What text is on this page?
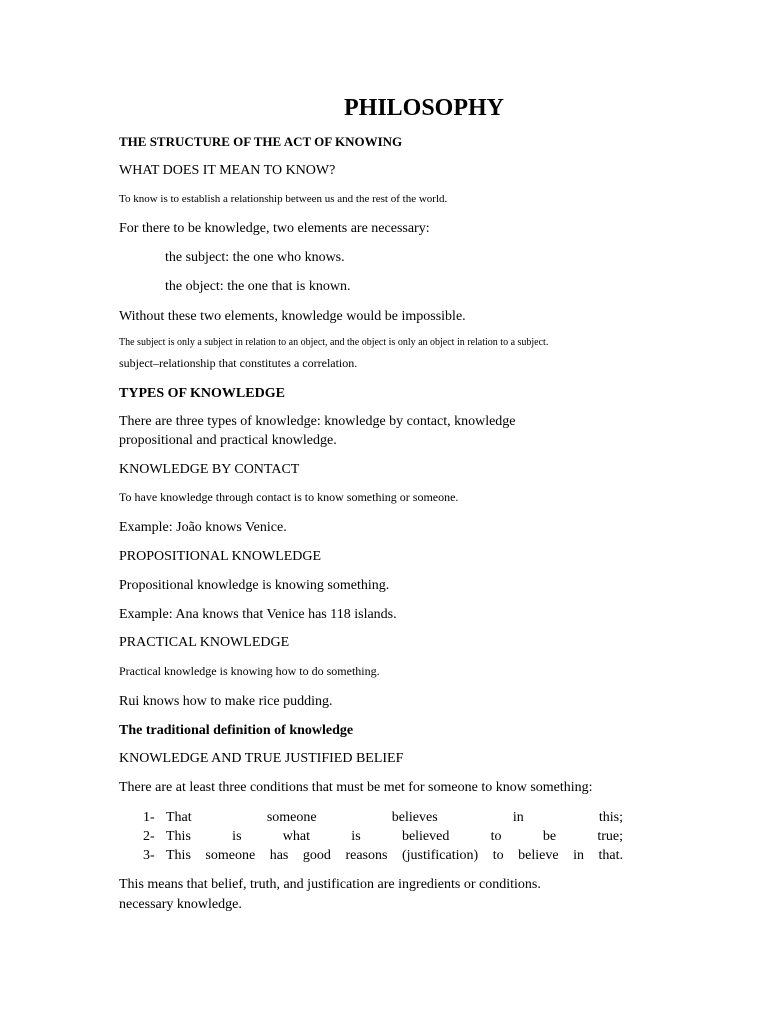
PHILOSOPHY

THE STRUCTURE OF THE ACT OF KNOWING

WHAT DOES IT MEAN TO KNOW?

To know is to establish a relationship between us and the rest of the world.

For there to be knowledge, two elements are necessary:

the subject: the one who knows.

the object: the one that is known.

Without these two elements, knowledge would be impossible.

The subject is only a subject in relation to an object, and the object is only an object in relation to a subject.

subject–relationship that constitutes a correlation.

TYPES OF KNOWLEDGE

There are three types of knowledge: knowledge by contact, knowledge

propositional and practical knowledge.

KNOWLEDGE BY CONTACT

To have knowledge through contact is to know something or someone.

Example: João knows Venice.

PROPOSITIONAL KNOWLEDGE

Propositional knowledge is knowing something.

Example: Ana knows that Venice has 118 islands.

PRACTICAL KNOWLEDGE

Practical knowledge is knowing how to do something.

Rui knows how to make rice pudding.

The traditional definition of knowledge

KNOWLEDGE AND TRUE JUSTIFIED BELIEF

There are at least three conditions that must be met for someone to know something:

1- That someone believes in this;
2- This is what is believed to be true;
3- This someone has good reasons (justification) to believe in that.

This means that belief, truth, and justification are ingredients or conditions.

necessary knowledge.
